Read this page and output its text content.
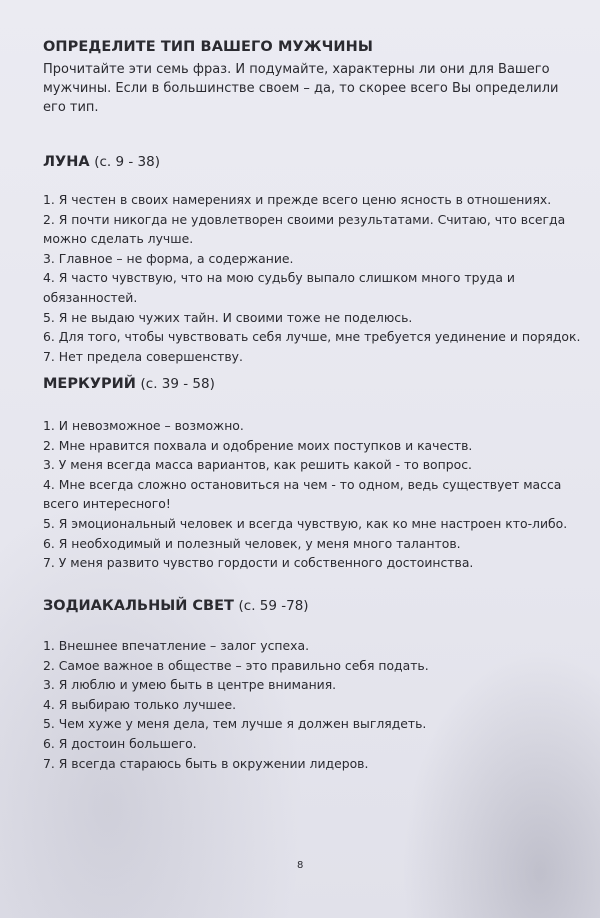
ОПРЕДЕЛИТЕ ТИП ВАШЕГО МУЖЧИНЫ

Прочитайте эти семь фраз. И подумайте, характерны ли они для Вашего мужчины. Если в большинстве своем – да, то скорее всего Вы определили его тип.

ЛУНА (с. 9 - 38)

1. Я честен в своих намерениях и прежде всего ценю ясность в отношениях.
2. Я почти никогда не удовлетворен своими результатами. Считаю, что всегда можно сделать лучше.
3. Главное – не форма, а содержание.
4. Я часто чувствую, что на мою судьбу выпало слишком много труда и обязанностей.
5. Я не выдаю чужих тайн. И своими тоже не поделюсь.
6. Для того, чтобы чувствовать себя лучше, мне требуется уединение и порядок.
7. Нет предела совершенству.

МЕРКУРИЙ (с. 39 - 58)

1. И невозможное – возможно.
2. Мне нравится похвала и одобрение моих поступков и качеств.
3. У меня всегда масса вариантов, как решить какой - то вопрос.
4. Мне всегда сложно остановиться на чем - то одном, ведь существует масса всего интересного!
5. Я эмоциональный человек и всегда чувствую, как ко мне настроен кто-либо.
6. Я необходимый и полезный человек, у меня много талантов.
7. У меня развито чувство гордости и собственного достоинства.

ЗОДИАКАЛЬНЫЙ СВЕТ (с. 59 -78)

1. Внешнее впечатление – залог успеха.
2. Самое важное в обществе – это правильно себя подать.
3. Я люблю и умею быть в центре внимания.
4. Я выбираю только лучшее.
5. Чем хуже у меня дела, тем лучше я должен выглядеть.
6. Я достоин большего.
7. Я всегда стараюсь быть в окружении лидеров.
8
